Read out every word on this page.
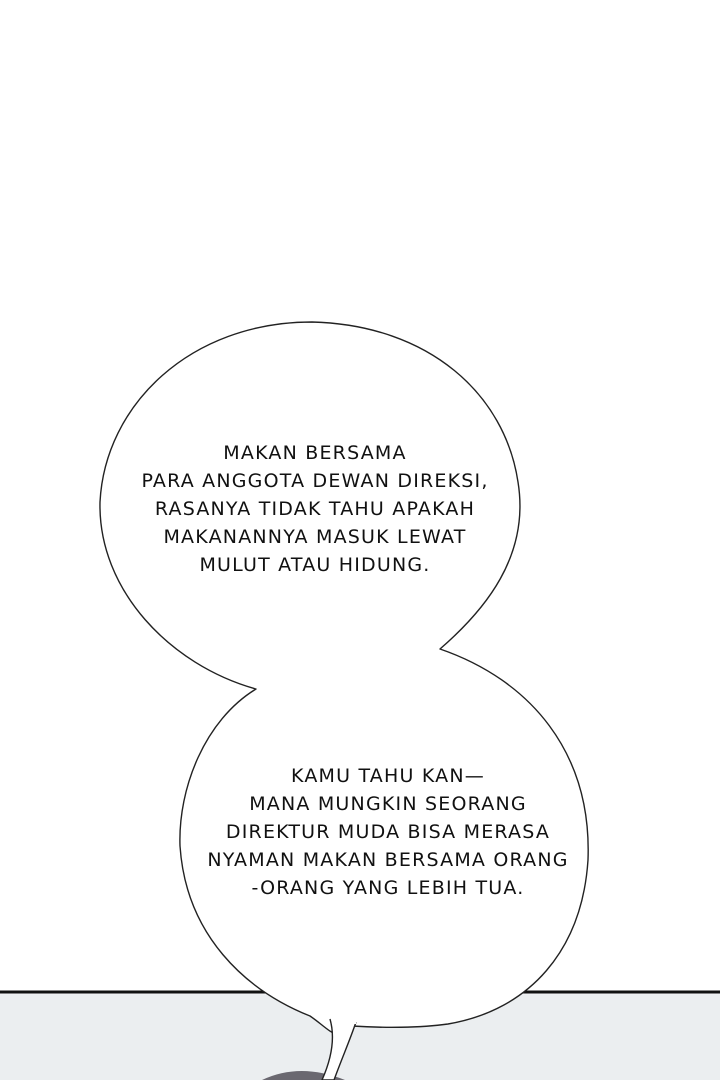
MAKAN BERSAMA
PARA ANGGOTA DEWAN DIREKSI,
RASANYA TIDAK TAHU APAKAH
MAKANANNYA MASUK LEWAT
MULUT ATAU HIDUNG.
KAMU TAHU KAN—
MANA MUNGKIN SEORANG
DIREKTUR MUDA BISA MERASA
NYAMAN MAKAN BERSAMA ORANG
-ORANG YANG LEBIH TUA.
